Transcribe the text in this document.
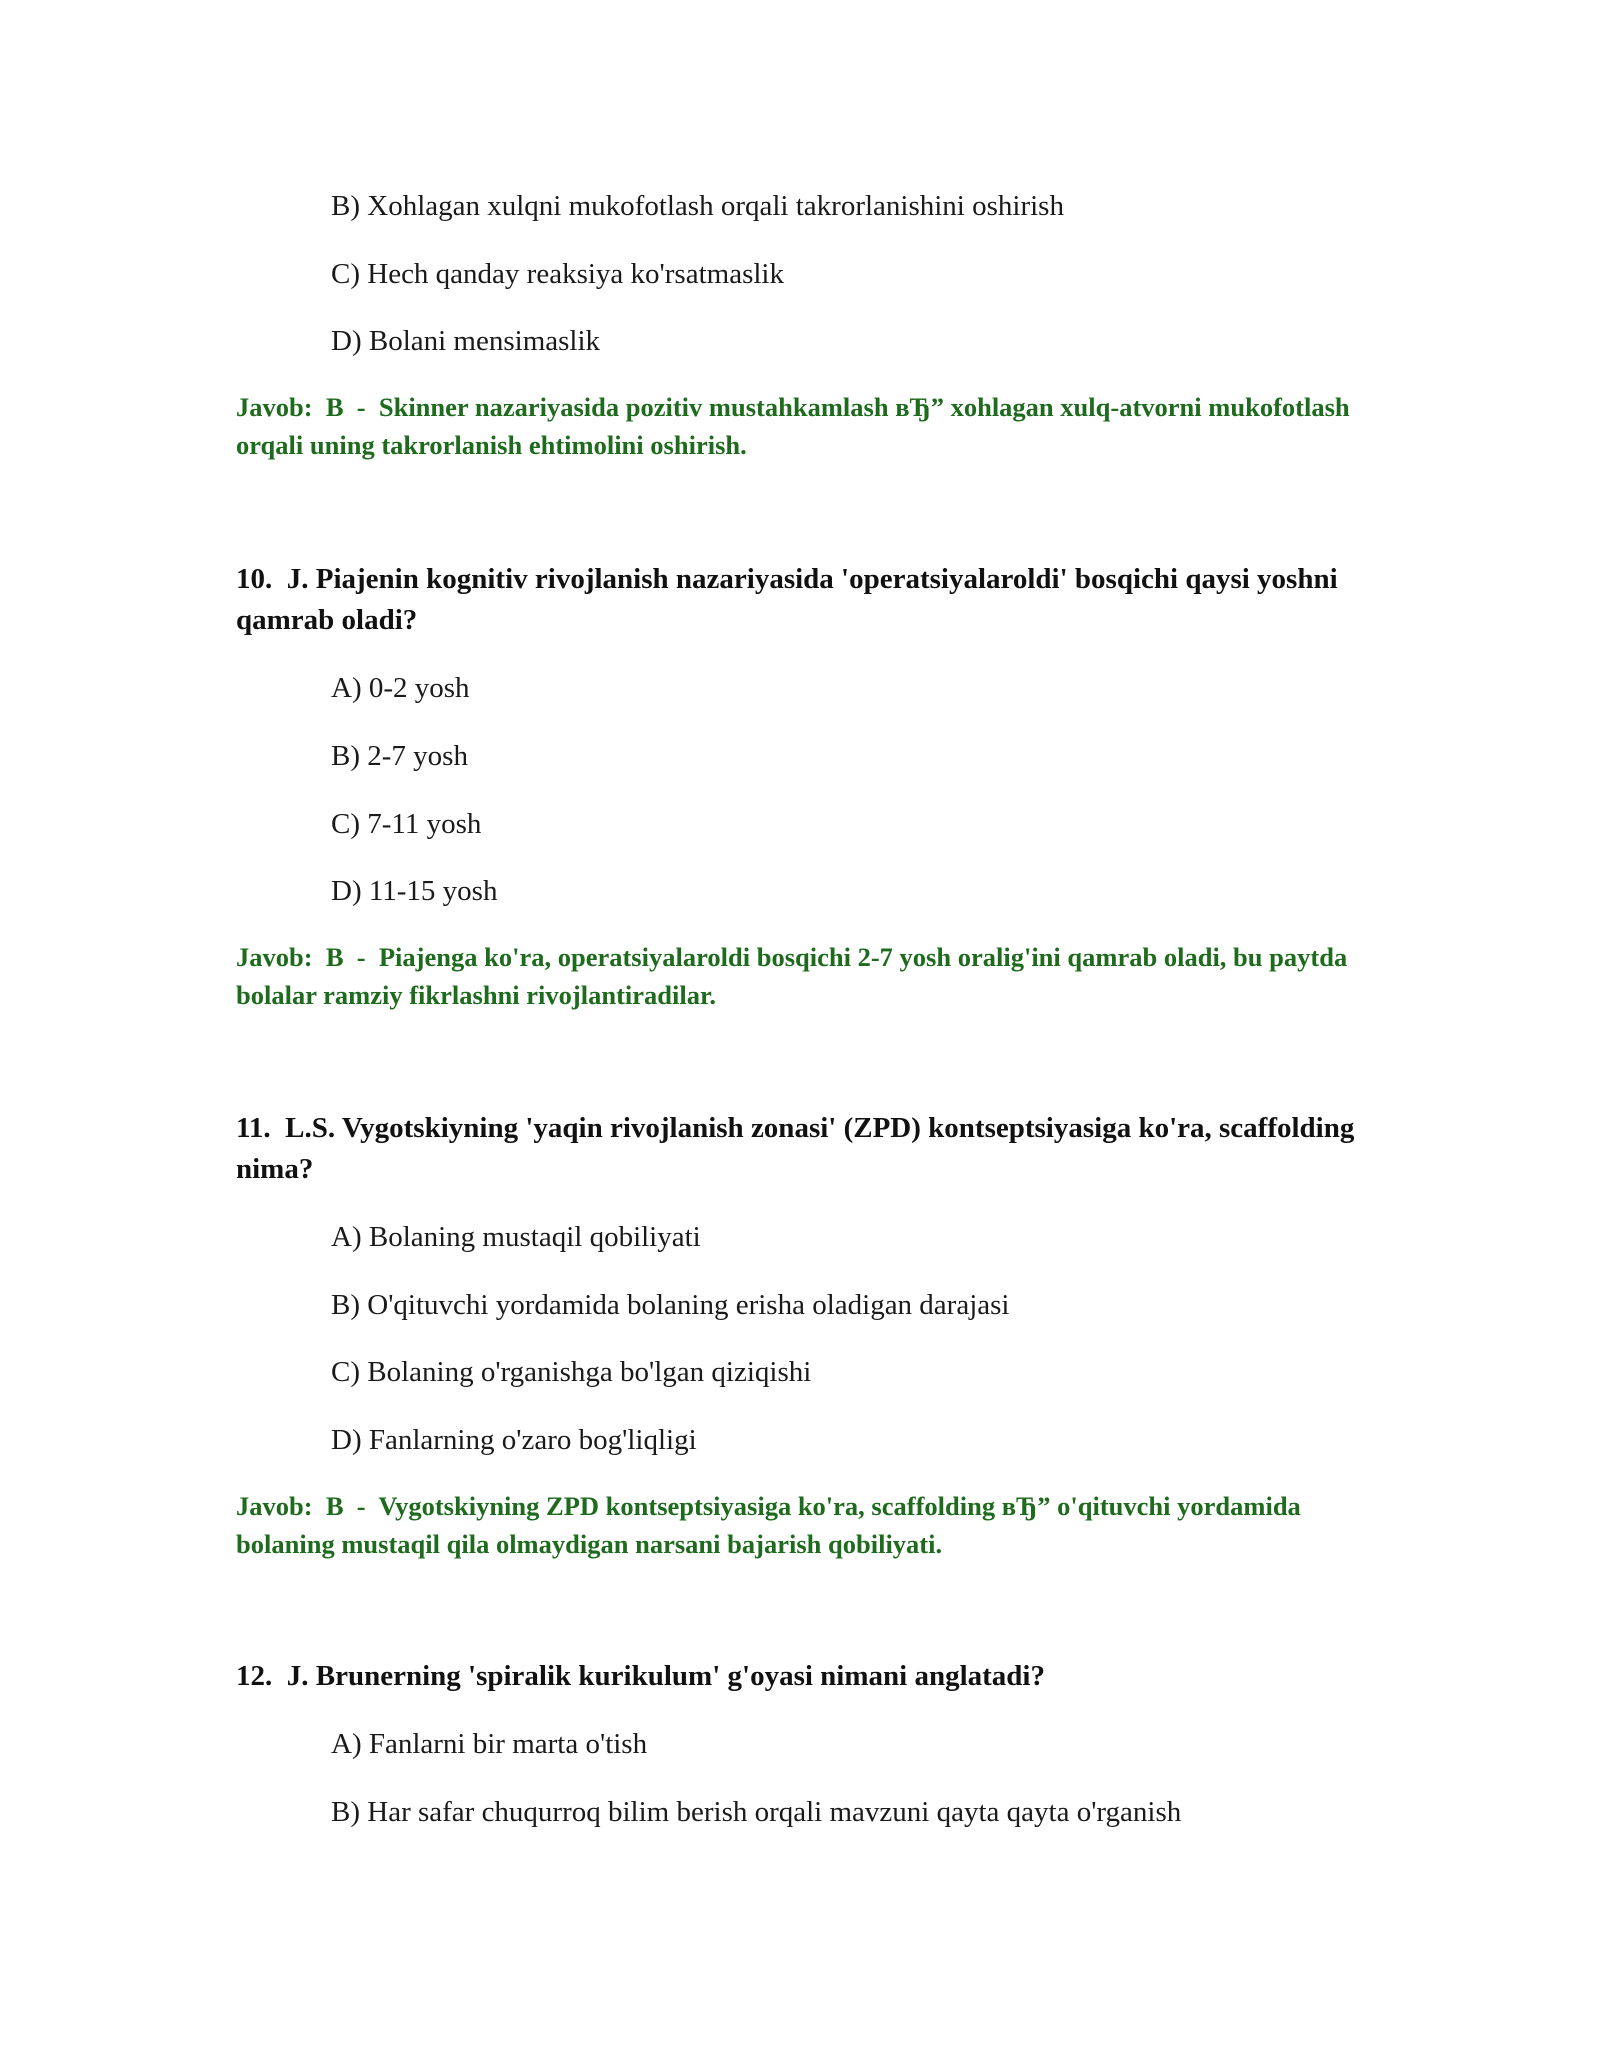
B) Xohlagan xulqni mukofotlash orqali takrorlanishini oshirish
C) Hech qanday reaksiya ko'rsatmaslik
D) Bolani mensimaslik
Javob: B - Skinner nazariyasida pozitiv mustahkamlash вЂ” xohlagan xulq-atvorni mukofotlash orqali uning takrorlanish ehtimolini oshirish.
10. J. Piajenin kognitiv rivojlanish nazariyasida 'operatsiyalaroldi' bosqichi qaysi yoshni qamrab oladi?
A) 0-2 yosh
B) 2-7 yosh
C) 7-11 yosh
D) 11-15 yosh
Javob: B - Piajenga ko'ra, operatsiyalaroldi bosqichi 2-7 yosh oralig'ini qamrab oladi, bu paytda bolalar ramziy fikrlashni rivojlantiradilar.
11. L.S. Vygotskiyning 'yaqin rivojlanish zonasi' (ZPD) kontseptsiyasiga ko'ra, scaffolding nima?
A) Bolaning mustaqil qobiliyati
B) O'qituvchi yordamida bolaning erisha oladigan darajasi
C) Bolaning o'rganishga bo'lgan qiziqishi
D) Fanlarning o'zaro bog'liqligi
Javob: B - Vygotskiyning ZPD kontseptsiyasiga ko'ra, scaffolding вЂ” o'qituvchi yordamida bolaning mustaqil qila olmaydigan narsani bajarish qobiliyati.
12. J. Brunerning 'spiralik kurikulum' g'oyasi nimani anglatadi?
A) Fanlarni bir marta o'tish
B) Har safar chuqurroq bilim berish orqali mavzuni qayta qayta o'rganish
